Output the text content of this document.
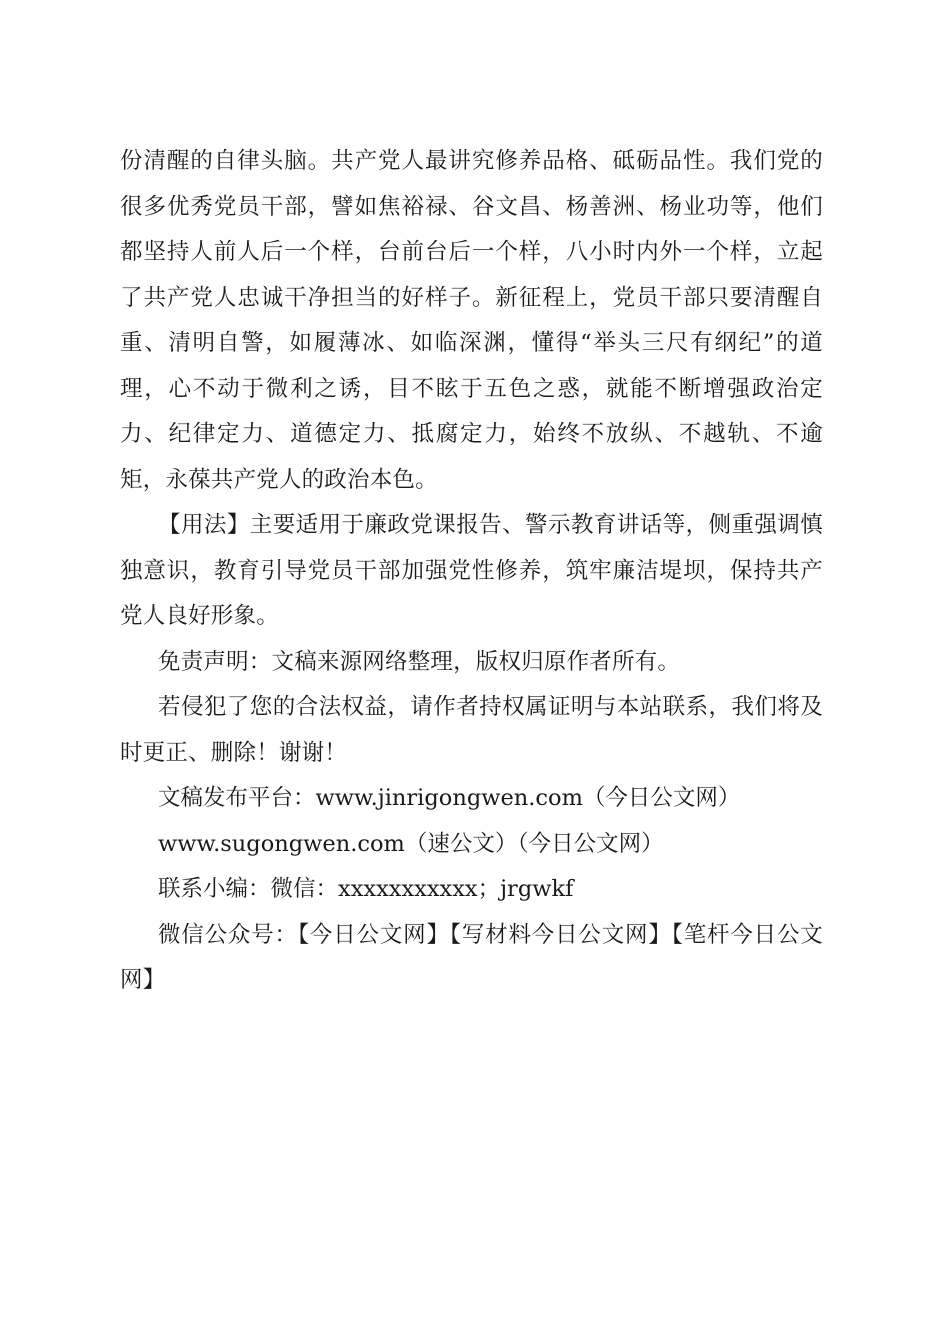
份清醒的自律头脑。共产党人最讲究修养品格、砥砺品性。我们党的很多优秀党员干部，譬如焦裕禄、谷文昌、杨善洲、杨业功等，他们都坚持人前人后一个样，台前台后一个样，八小时内外一个样，立起了共产党人忠诚干净担当的好样子。新征程上，党员干部只要清醒自重、清明自警，如履薄冰、如临深渊，懂得“举头三尺有纲纪”的道理，心不动于微利之诱，目不眩于五色之惑，就能不断增强政治定力、纪律定力、道德定力、抵腐定力，始终不放纵、不越轨、不逾矩，永葆共产党人的政治本色。

【用法】主要适用于廉政党课报告、警示教育讲话等，侧重强调慎独意识，教育引导党员干部加强党性修养，筑牢廉洁堤坝，保持共产党人良好形象。

免责声明：文稿来源网络整理，版权归原作者所有。

若侵犯了您的合法权益，请作者持权属证明与本站联系，我们将及时更正、删除！谢谢！

文稿发布平台：www.jinrigongwen.com（今日公文网）
www.sugongwen.com（速公文）（今日公文网）
联系小编：微信：xxxxxxxxxxx；jrgwkf

微信公众号：【今日公文网】【写材料今日公文网】【笔杆今日公文网】
